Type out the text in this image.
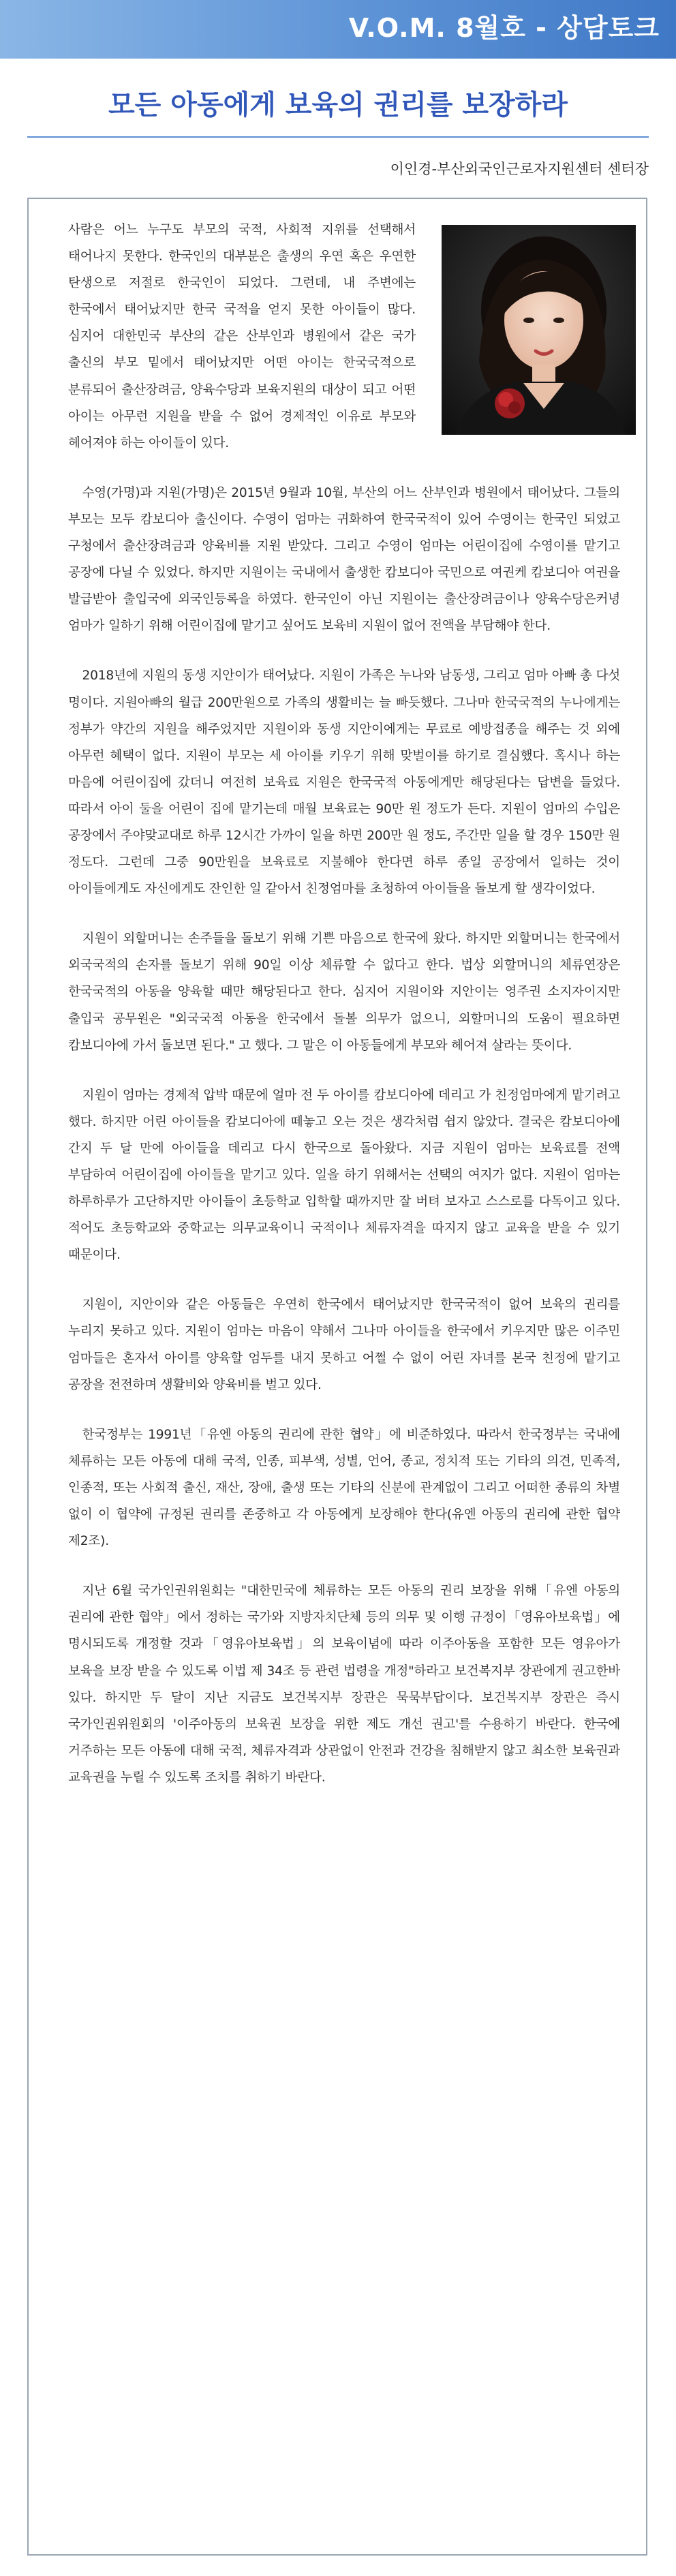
V.O.M. 8월호 - 상담토크
모든 아동에게 보육의 권리를 보장하라
이인경-부산외국인근로자지원센터 센터장

사람은 어느 누구도 부모의 국적, 사회적 지위를 선택해서 태어나지 못한다. 한국인의 대부분은 출생의 우연 혹은 우연한 탄생으로 저절로 한국인이 되었다. 그런데, 내 주변에는 한국에서 태어났지만 한국 국적을 얻지 못한 아이들이 많다. 심지어 대한민국 부산의 같은 산부인과 병원에서 같은 국가 출신의 부모 밑에서 태어났지만 어떤 아이는 한국국적으로 분류되어 출산장려금, 양육수당과 보육지원의 대상이 되고 어떤 아이는 아무런 지원을 받을 수 없어 경제적인 이유로 부모와 헤어져야 하는 아이들이 있다.

수영(가명)과 지원(가명)은 2015년 9월과 10월, 부산의 어느 산부인과 병원에서 태어났다. 그들의 부모는 모두 캄보디아 출신이다. 수영이 엄마는 귀화하여 한국국적이 있어 수영이는 한국인 되었고 구청에서 출산장려금과 양육비를 지원 받았다. 그리고 수영이 엄마는 어린이집에 수영이를 맡기고 공장에 다닐 수 있었다. 하지만 지원이는 국내에서 출생한 캄보디아 국민으로 여권케 캄보디아 여권을 발급받아 출입국에 외국인등록을 하였다. 한국인이 아닌 지원이는 출산장려금이나 양육수당은커녕 엄마가 일하기 위해 어린이집에 맡기고 싶어도 보육비 지원이 없어 전액을 부담해야 한다.

2018년에 지원의 동생 지안이가 태어났다. 지원이 가족은 누나와 남동생, 그리고 엄마 아빠 총 다섯 명이다. 지원아빠의 월급 200만원으로 가족의 생활비는 늘 빠듯했다. 그나마 한국국적의 누나에게는 정부가 약간의 지원을 해주었지만 지원이와 동생 지안이에게는 무료로 예방접종을 해주는 것 외에 아무런 혜택이 없다. 지원이 부모는 세 아이를 키우기 위해 맞벌이를 하기로 결심했다. 혹시나 하는 마음에 어린이집에 갔더니 여전히 보육료 지원은 한국국적 아동에게만 해당된다는 답변을 들었다. 따라서 아이 둘을 어린이 집에 맡기는데 매월 보육료는 90만 원 정도가 든다. 지원이 엄마의 수입은 공장에서 주야맞교대로 하루 12시간 가까이 일을 하면 200만 원 정도, 주간만 일을 할 경우 150만 원 정도다. 그런데 그중 90만원을 보육료로 지불해야 한다면 하루 종일 공장에서 일하는 것이 아이들에게도 자신에게도 잔인한 일 같아서 친정엄마를 초청하여 아이들을 돌보게 할 생각이었다.

지원이 외할머니는 손주들을 돌보기 위해 기쁜 마음으로 한국에 왔다. 하지만 외할머니는 한국에서 외국국적의 손자를 돌보기 위해 90일 이상 체류할 수 없다고 한다. 법상 외할머니의 체류연장은 한국국적의 아동을 양육할 때만 해당된다고 한다. 심지어 지원이와 지안이는 영주권 소지자이지만 출입국 공무원은 "외국국적 아동을 한국에서 돌볼 의무가 없으니, 외할머니의 도움이 필요하면 캄보디아에 가서 돌보면 된다." 고 했다. 그 말은 이 아동들에게 부모와 헤어져 살라는 뜻이다.

지원이 엄마는 경제적 압박 때문에 얼마 전 두 아이를 캄보디아에 데리고 가 친정엄마에게 맡기려고 했다. 하지만 어린 아이들을 캄보디아에 떼놓고 오는 것은 생각처럼 쉽지 않았다. 결국은 캄보디아에 간지 두 달 만에 아이들을 데리고 다시 한국으로 돌아왔다. 지금 지원이 엄마는 보육료를 전액 부담하여 어린이집에 아이들을 맡기고 있다. 일을 하기 위해서는 선택의 여지가 없다. 지원이 엄마는 하루하루가 고단하지만 아이들이 초등학교 입학할 때까지만 잘 버텨 보자고 스스로를 다독이고 있다. 적어도 초등학교와 중학교는 의무교육이니 국적이나 체류자격을 따지지 않고 교육을 받을 수 있기 때문이다.

지원이, 지안이와 같은 아동들은 우연히 한국에서 태어났지만 한국국적이 없어 보육의 권리를 누리지 못하고 있다. 지원이 엄마는 마음이 약해서 그나마 아이들을 한국에서 키우지만 많은 이주민 엄마들은 혼자서 아이를 양육할 엄두를 내지 못하고 어쩔 수 없이 어린 자녀를 본국 친정에 맡기고 공장을 전전하며 생활비와 양육비를 벌고 있다.

한국정부는 1991년「유엔 아동의 권리에 관한 협약」에 비준하였다. 따라서 한국정부는 국내에 체류하는 모든 아동에 대해 국적, 인종, 피부색, 성별, 언어, 종교, 정치적 또는 기타의 의견, 민족적, 인종적, 또는 사회적 출신, 재산, 장애, 출생 또는 기타의 신분에 관계없이 그리고 어떠한 종류의 차별 없이 이 협약에 규정된 권리를 존중하고 각 아동에게 보장해야 한다(유엔 아동의 권리에 관한 협약 제2조).

지난 6월 국가인권위원회는 "대한민국에 체류하는 모든 아동의 권리 보장을 위해「유엔 아동의 권리에 관한 협약」에서 정하는 국가와 지방자치단체 등의 의무 및 이행 규정이「영유아보육법」에 명시되도록 개정할 것과「영유아보육법」의 보육이념에 따라 이주아동을 포함한 모든 영유아가 보육을 보장 받을 수 있도록 이법 제 34조 등 관련 법령을 개정"하라고 보건복지부 장관에게 권고한바 있다. 하지만 두 달이 지난 지금도 보건복지부 장관은 묵묵부답이다. 보건복지부 장관은 즉시 국가인권위원회의 '이주아동의 보육권 보장을 위한 제도 개선 권고'를 수용하기 바란다. 한국에 거주하는 모든 아동에 대해 국적, 체류자격과 상관없이 안전과 건강을 침해받지 않고 최소한 보육권과 교육권을 누릴 수 있도록 조치를 취하기 바란다.
